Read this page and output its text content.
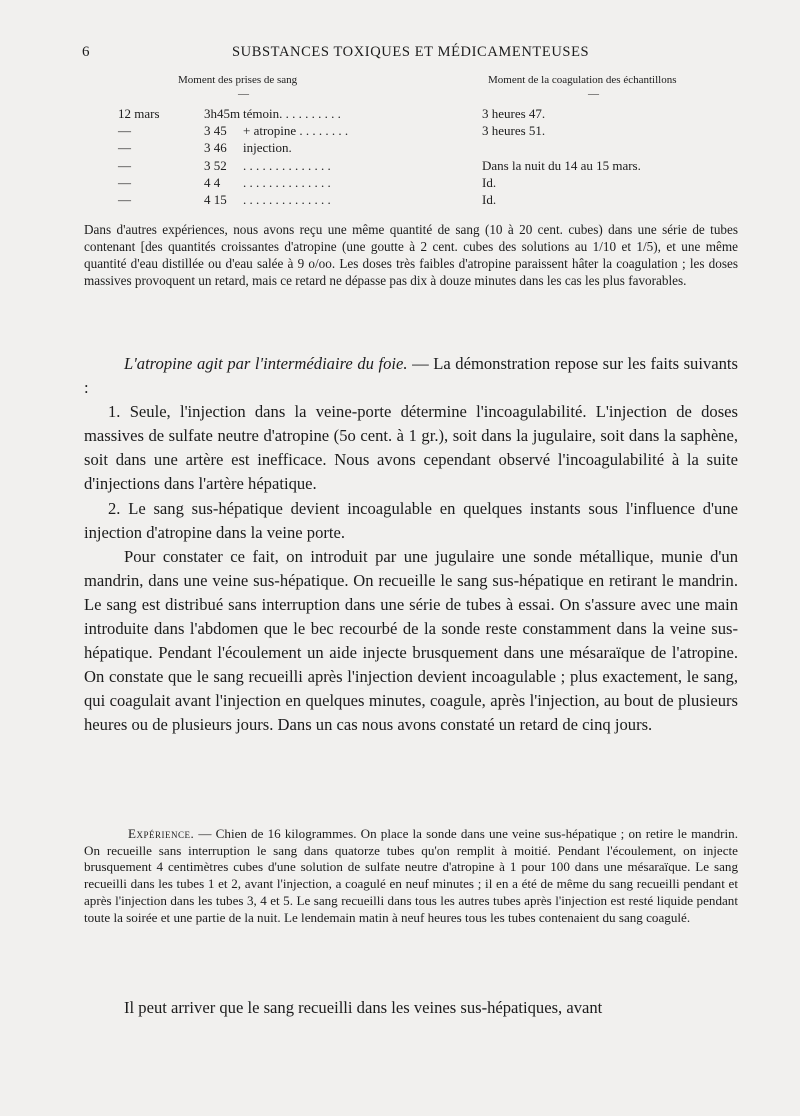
6	SUBSTANCES TOXIQUES ET MÉDICAMENTEUSES
Moment des prises de sang	Moment de la coagulation des échantillons
—	—
12 mars	3h45m témoin. . . . . . . . . .	3 heures 47.
—	3 45 + atropine . . . . . . . .	3 heures 51.
—	3 46 injection.
—	3 52 . . . . . . . . . . . . . .	Dans la nuit du 14 au 15 mars.
—	4 4 . . . . . . . . . . . . . .	Id.
—	4 15 . . . . . . . . . . . . . .	Id.

Dans d'autres expériences, nous avons reçu une même quantité de sang (10 à 20 cent. cubes) dans une série de tubes contenant [des quantités croissantes d'atropine (une goutte à 2 cent. cubes des solutions au 1/10 et 1/5), et une même quantité d'eau distillée ou d'eau salée à 9 o/oo. Les doses très faibles d'atropine paraissent hâter la coagulation ; les doses massives provoquent un retard, mais ce retard ne dépasse pas dix à douze minutes dans les cas les plus favorables.

L'atropine agit par l'intermédiaire du foie. — La démonstration repose sur les faits suivants :

1. Seule, l'injection dans la veine-porte détermine l'incoagulabilité. L'injection de doses massives de sulfate neutre d'atropine (5o cent. à 1 gr.), soit dans la jugulaire, soit dans la saphène, soit dans une artère est inefficace. Nous avons cependant observé l'incoagulabilité à la suite d'injections dans l'artère hépatique.

2. Le sang sus-hépatique devient incoagulable en quelques instants sous l'influence d'une injection d'atropine dans la veine porte.

Pour constater ce fait, on introduit par une jugulaire une sonde métallique, munie d'un mandrin, dans une veine sus-hépatique. On recueille le sang sus-hépatique en retirant le mandrin. Le sang est distribué sans interruption dans une série de tubes à essai. On s'assure avec une main introduite dans l'abdomen que le bec recourbé de la sonde reste constamment dans la veine sus-hépatique. Pendant l'écoulement un aide injecte brusquement dans une mésaraïque de l'atropine. On constate que le sang recueilli après l'injection devient incoagulable ; plus exactement, le sang, qui coagulait avant l'injection en quelques minutes, coagule, après l'injection, au bout de plusieurs heures ou de plusieurs jours. Dans un cas nous avons constaté un retard de cinq jours.

Expérience. — Chien de 16 kilogrammes. On place la sonde dans une veine sus-hépatique ; on retire le mandrin. On recueille sans interruption le sang dans quatorze tubes qu'on remplit à moitié. Pendant l'écoulement, on injecte brusquement 4 centimètres cubes d'une solution de sulfate neutre d'atropine à 1 pour 100 dans une mésaraïque. Le sang recueilli dans les tubes 1 et 2, avant l'injection, a coagulé en neuf minutes ; il en a été de même du sang recueilli pendant et après l'injection dans les tubes 3, 4 et 5. Le sang recueilli dans tous les autres tubes après l'injection est resté liquide pendant toute la soirée et une partie de la nuit. Le lendemain matin à neuf heures tous les tubes contenaient du sang coagulé.

Il peut arriver que le sang recueilli dans les veines sus-hépatiques, avant
